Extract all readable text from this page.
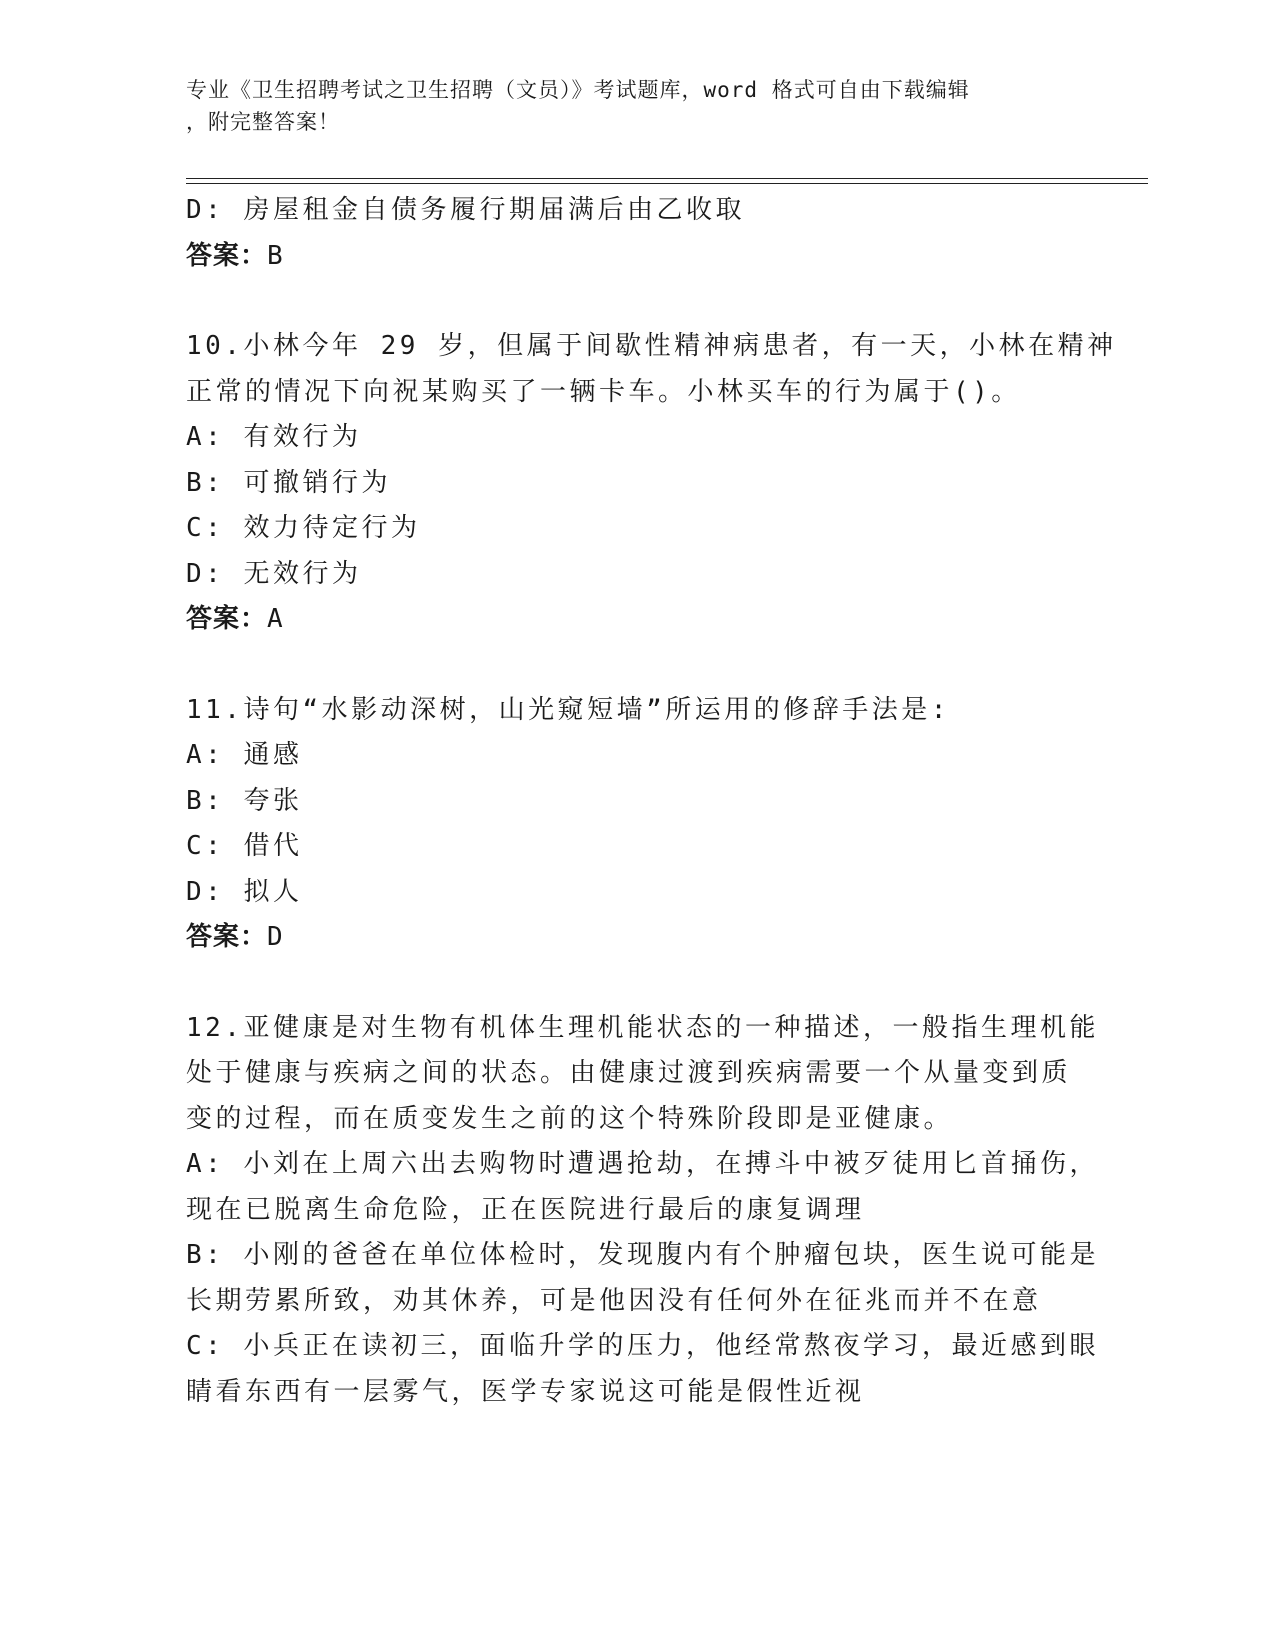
专业《卫生招聘考试之卫生招聘（文员）》考试题库，word 格式可自由下载编辑
，附完整答案！
D: 房屋租金自债务履行期届满后由乙收取
答案：B
10.小林今年 29 岁，但属于间歇性精神病患者，有一天，小林在精神
正常的情况下向祝某购买了一辆卡车。小林买车的行为属于()。
A: 有效行为
B: 可撤销行为
C: 效力待定行为
D: 无效行为
答案：A
11.诗句“水影动深树，山光窥短墙”所运用的修辞手法是:
A: 通感
B: 夸张
C: 借代
D: 拟人
答案：D
12.亚健康是对生物有机体生理机能状态的一种描述，一般指生理机能
处于健康与疾病之间的状态。由健康过渡到疾病需要一个从量变到质
变的过程，而在质变发生之前的这个特殊阶段即是亚健康。
A: 小刘在上周六出去购物时遭遇抢劫，在搏斗中被歹徒用匕首捅伤，
现在已脱离生命危险，正在医院进行最后的康复调理
B: 小刚的爸爸在单位体检时，发现腹内有个肿瘤包块，医生说可能是
长期劳累所致，劝其休养，可是他因没有任何外在征兆而并不在意
C: 小兵正在读初三，面临升学的压力，他经常熬夜学习，最近感到眼
睛看东西有一层雾气，医学专家说这可能是假性近视
